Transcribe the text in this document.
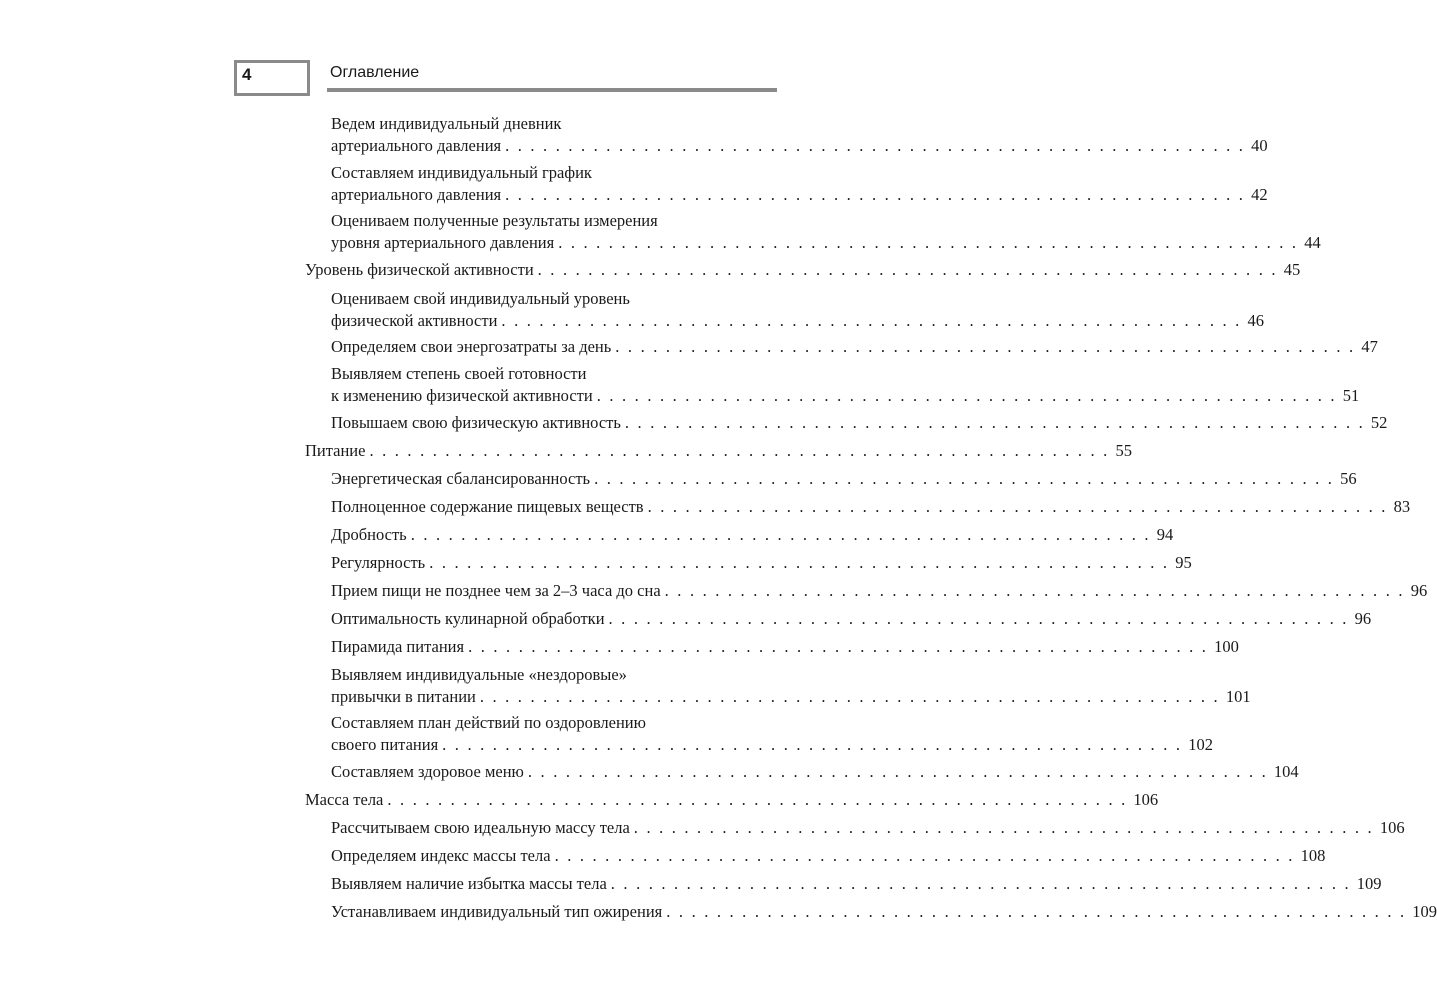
4	Оглавление
Ведем индивидуальный дневник
артериального давления . . . . . . . . . . . . . . . . . . . . . . . . . . . . . . . . . . . . . . . . . . . . . . . . . . . . . . . . . . . 40
Составляем индивидуальный график
артериального давления . . . . . . . . . . . . . . . . . . . . . . . . . . . . . . . . . . . . . . . . . . . . . . . . . . . . . . . . . . . 42
Оцениваем полученные результаты измерения
уровня артериального давления . . . . . . . . . . . . . . . . . . . . . . . . . . . . . . . . . . . . . . . . . . . . . . . . . . . . . . . . . . . 44
Уровень физической активности . . . . . . . . . . . . . . . . . . . . . . . . . . . . . . . . . . . . . . . . . . . . . . . . . . . . . . . . . . . 45
Оцениваем свой индивидуальный уровень
физической активности . . . . . . . . . . . . . . . . . . . . . . . . . . . . . . . . . . . . . . . . . . . . . . . . . . . . . . . . . . . 46
Определяем свои энергозатраты за день . . . . . . . . . . . . . . . . . . . . . . . . . . . . . . . . . . . . . . . . . . . . . . . . . . . . . . . . . . . 47
Выявляем степень своей готовности
к изменению физической активности . . . . . . . . . . . . . . . . . . . . . . . . . . . . . . . . . . . . . . . . . . . . . . . . . . . . . . . . . . . 51
Повышаем свою физическую активность . . . . . . . . . . . . . . . . . . . . . . . . . . . . . . . . . . . . . . . . . . . . . . . . . . . . . . . . . . . 52
Питание . . . . . . . . . . . . . . . . . . . . . . . . . . . . . . . . . . . . . . . . . . . . . . . . . . . . . . . . . . . 55
Энергетическая сбалансированность . . . . . . . . . . . . . . . . . . . . . . . . . . . . . . . . . . . . . . . . . . . . . . . . . . . . . . . . . . . 56
Полноценное содержание пищевых веществ . . . . . . . . . . . . . . . . . . . . . . . . . . . . . . . . . . . . . . . . . . . . . . . . . . . . . . . . . . . 83
Дробность . . . . . . . . . . . . . . . . . . . . . . . . . . . . . . . . . . . . . . . . . . . . . . . . . . . . . . . . . . . 94
Регулярность . . . . . . . . . . . . . . . . . . . . . . . . . . . . . . . . . . . . . . . . . . . . . . . . . . . . . . . . . . . 95
Прием пищи не позднее чем за 2–3 часа до сна . . . . . . . . . . . . . . . . . . . . . . . . . . . . . . . . . . . . . . . . . . . . . . . . . . . . . . . . . . . 96
Оптимальность кулинарной обработки . . . . . . . . . . . . . . . . . . . . . . . . . . . . . . . . . . . . . . . . . . . . . . . . . . . . . . . . . . . 96
Пирамида питания . . . . . . . . . . . . . . . . . . . . . . . . . . . . . . . . . . . . . . . . . . . . . . . . . . . . . . . . . . . 100
Выявляем индивидуальные «нездоровые»
привычки в питании . . . . . . . . . . . . . . . . . . . . . . . . . . . . . . . . . . . . . . . . . . . . . . . . . . . . . . . . . . . 101
Составляем план действий по оздоровлению
своего питания . . . . . . . . . . . . . . . . . . . . . . . . . . . . . . . . . . . . . . . . . . . . . . . . . . . . . . . . . . . 102
Составляем здоровое меню . . . . . . . . . . . . . . . . . . . . . . . . . . . . . . . . . . . . . . . . . . . . . . . . . . . . . . . . . . . 104
Масса тела . . . . . . . . . . . . . . . . . . . . . . . . . . . . . . . . . . . . . . . . . . . . . . . . . . . . . . . . . . . 106
Рассчитываем свою идеальную массу тела . . . . . . . . . . . . . . . . . . . . . . . . . . . . . . . . . . . . . . . . . . . . . . . . . . . . . . . . . . . 106
Определяем индекс массы тела . . . . . . . . . . . . . . . . . . . . . . . . . . . . . . . . . . . . . . . . . . . . . . . . . . . . . . . . . . . 108
Выявляем наличие избытка массы тела . . . . . . . . . . . . . . . . . . . . . . . . . . . . . . . . . . . . . . . . . . . . . . . . . . . . . . . . . . . 109
Устанавливаем индивидуальный тип ожирения . . . . . . . . . . . . . . . . . . . . . . . . . . . . . . . . . . . . . . . . . . . . . . . . . . . . . . . . . . . 109
